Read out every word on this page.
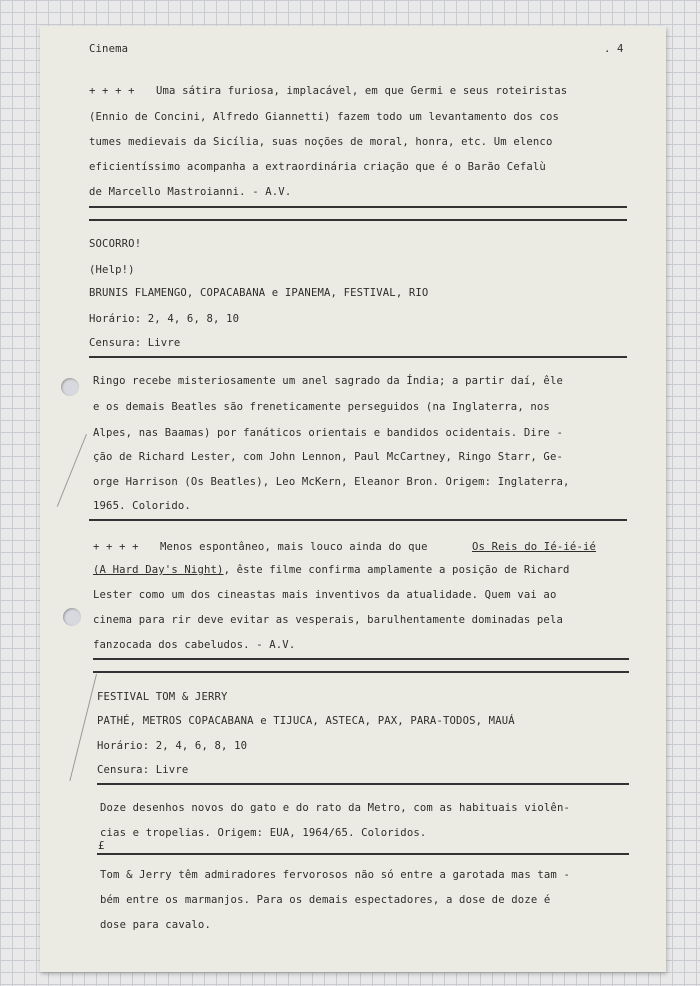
Cinema	. 4

+ + + + Uma sátira furiosa, implacável, em que Germi e seus roteiristas

(Ennio de Concini, Alfredo Giannetti) fazem todo um levantamento dos cos

tumes medievais da Sicília, suas noções de moral, honra, etc. Um elenco

eficientíssimo acompanha a extraordinária criação que é o Barão Cefalù

de Marcello Mastroianni. - A.V.

SOCORRO!

(Help!)

BRUNIS FLAMENGO, COPACABANA e IPANEMA, FESTIVAL, RIO

Horário: 2, 4, 6, 8, 10

Censura: Livre

Ringo recebe misteriosamente um anel sagrado da Índia; a partir daí, êle

e os demais Beatles são freneticamente perseguidos (na Inglaterra, nos

Alpes, nas Baamas) por fanáticos orientais e bandidos ocidentais. Dire -

ção de Richard Lester, com John Lennon, Paul McCartney, Ringo Starr, Ge-

orge Harrison (Os Beatles), Leo McKern, Eleanor Bron. Origem: Inglaterra,

1965. Colorido.

+ + + + Menos espontâneo, mais louco ainda do que	Os Reis do Ié-ié-ié

(A Hard Day's Night), êste filme confirma amplamente a posição de Richard

Lester como um dos cineastas mais inventivos da atualidade. Quem vai ao

cinema para rir deve evitar as vesperais, barulhentamente dominadas pela

fanzocada dos cabeludos. - A.V.

FESTIVAL TOM & JERRY

PATHÉ, METROS COPACABANA e TIJUCA, ASTECA, PAX, PARA-TODOS, MAUÁ

Horário: 2, 4, 6, 8, 10

Censura: Livre

Doze desenhos novos do gato e do rato da Metro, com as habituais violên-

cias e tropelias. Origem: EUA, 1964/65. Coloridos.

£

Tom & Jerry têm admiradores fervorosos não só entre a garotada mas tam -

bém entre os marmanjos. Para os demais espectadores, a dose de doze é

dose para cavalo.
